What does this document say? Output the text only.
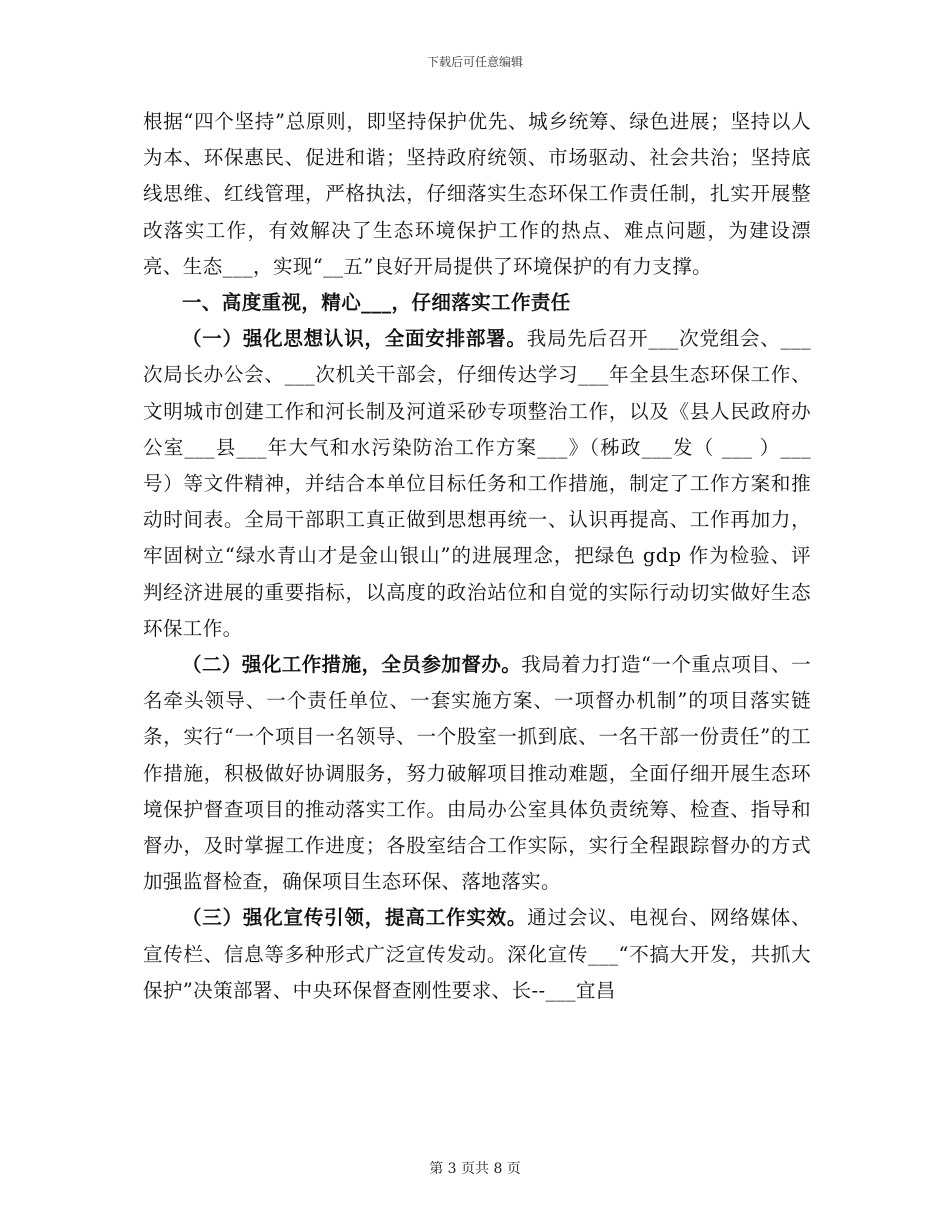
下载后可任意编辑

根据“四个坚持”总原则，即坚持保护优先、城乡统筹、绿色进展；坚持以人为本、环保惠民、促进和谐；坚持政府统领、市场驱动、社会共治；坚持底线思维、红线管理，严格执法，仔细落实生态环保工作责任制，扎实开展整改落实工作，有效解决了生态环境保护工作的热点、难点问题，为建设漂亮、生态___，实现“__五”良好开局提供了环境保护的有力支撑。

一、高度重视，精心___，仔细落实工作责任

（一）强化思想认识，全面安排部署。我局先后召开___次党组会、___次局长办公会、___次机关干部会，仔细传达学习___年全县生态环保工作、文明城市创建工作和河长制及河道采砂专项整治工作，以及《县人民政府办公室___县___年大气和水污染防治工作方案___》（秭政___发（ ___ ）___号）等文件精神，并结合本单位目标任务和工作措施，制定了工作方案和推动时间表。全局干部职工真正做到思想再统一、认识再提高、工作再加力，牢固树立“绿水青山才是金山银山”的进展理念，把绿色 gdp 作为检验、评判经济进展的重要指标，以高度的政治站位和自觉的实际行动切实做好生态环保工作。

（二）强化工作措施，全员参加督办。我局着力打造“一个重点项目、一名牵头领导、一个责任单位、一套实施方案、一项督办机制”的项目落实链条，实行“一个项目一名领导、一个股室一抓到底、一名干部一份责任”的工作措施，积极做好协调服务，努力破解项目推动难题，全面仔细开展生态环境保护督查项目的推动落实工作。由局办公室具体负责统筹、检查、指导和督办，及时掌握工作进度；各股室结合工作实际，实行全程跟踪督办的方式加强监督检查，确保项目生态环保、落地落实。

（三）强化宣传引领，提高工作实效。通过会议、电视台、网络媒体、宣传栏、信息等多种形式广泛宣传发动。深化宣传___“不搞大开发，共抓大保护”决策部署、中央环保督查刚性要求、长--___宜昌

第 3 页共 8 页
